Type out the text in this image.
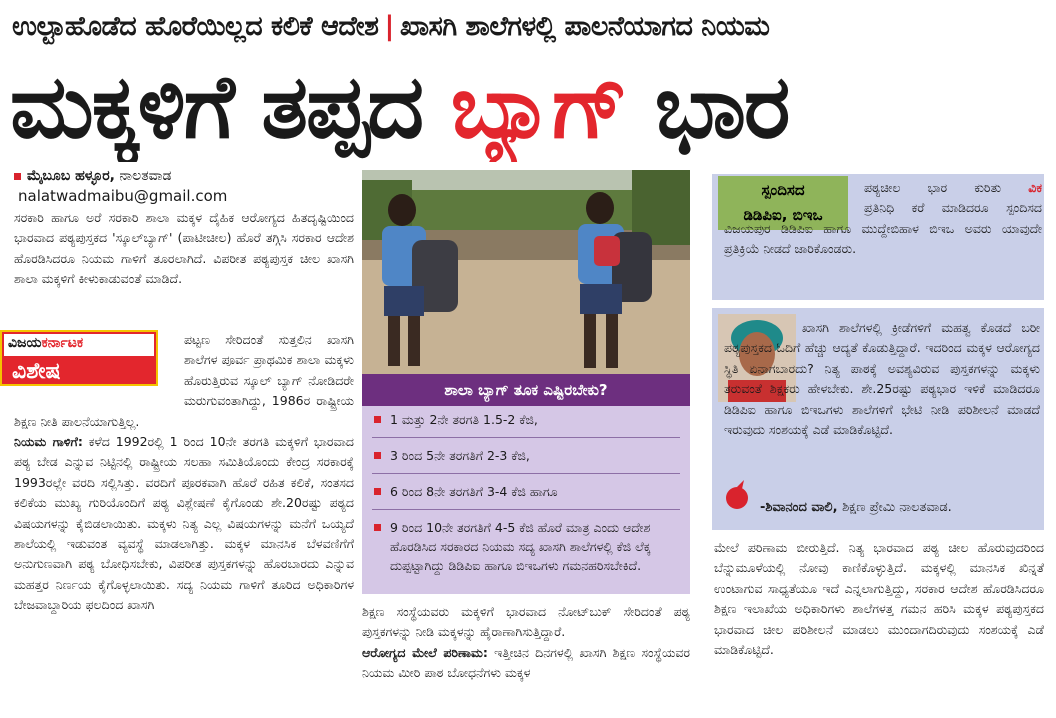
ಉಲ್ಟಾಹೊಡೆದ ಹೊರೆಯಿಲ್ಲದ ಕಲಿಕೆ ಆದೇಶ | ಖಾಸಗಿ ಶಾಲೆಗಳಲ್ಲಿ ಪಾಲನೆಯಾಗದ ನಿಯಮ
ಮಕ್ಕಳಿಗೆ ತಪ್ಪದ ಬ್ಯಾಗ್ ಭಾರ
ಮೈಬೂಬ ಹಳ್ಳೂರ, ನಾಲತವಾಡ
nalatwadmaibu@gmail.com
ಸರಕಾರಿ ಹಾಗೂ ಅರೆ ಸರಕಾರಿ ಶಾಲಾ ಮಕ್ಕಳ ದೈಹಿಕ ಆರೋಗ್ಯದ ಹಿತದೃಷ್ಟಿಯಿಂದ ಭಾರವಾದ ಪಠ್ಯಪುಸ್ತಕದ 'ಸ್ಕೂಲ್‌ಬ್ಯಾಗ್' (ಪಾಟೀಚೀಲ) ಹೊರೆ ತಗ್ಗಿಸಿ ಸರಕಾರ ಆದೇಶ ಹೊರಡಿಸಿದರೂ ನಿಯಮ ಗಾಳಿಗೆ ತೂರಲಾಗಿದೆ. ವಿಪರೀತ ಪಠ್ಯಪುಸ್ತಕ ಚೀಲ ಖಾಸಗಿ ಶಾಲಾ ಮಕ್ಕಳಿಗೆ ಕೀಳುಕಾಡುವಂತೆ ಮಾಡಿದೆ.
ವಿಜಯಕರ್ನಾಟಕ
ವಿಶೇಷ
ಪಟ್ಟಣ ಸೇರಿದಂತೆ ಸುತ್ತಲಿನ ಖಾಸಗಿ ಶಾಲೆಗಳ ಪೂರ್ವ ಪ್ರಾಥಮಿಕ ಶಾಲಾ ಮಕ್ಕಳು ಹೊರುತ್ತಿರುವ ಸ್ಕೂಲ್ ಬ್ಯಾಗ್ ನೋಡಿದರೇ ಮರುಗುವಂತಾಗಿದ್ದು, 1986ರ ರಾಷ್ಟ್ರೀಯ ಶಿಕ್ಷಣ ನೀತಿ ಪಾಲನೆಯಾಗುತ್ತಿಲ್ಲ.
ನಿಯಮ ಗಾಳಿಗೆ: ಕಳೆದ 1992ರಲ್ಲಿ 1 ರಿಂದ 10ನೇ ತರಗತಿ ಮಕ್ಕಳಿಗೆ ಭಾರವಾದ ಪಠ್ಯ ಬೇಡ ಎನ್ನುವ ನಿಟ್ಟಿನಲ್ಲಿ ರಾಷ್ಟ್ರೀಯ ಸಲಹಾ ಸಮಿತಿಯೊಂದು ಕೇಂದ್ರ ಸರಕಾರಕ್ಕೆ 1993ರಲ್ಲೇ ವರದಿ ಸಲ್ಲಿಸಿತ್ತು. ವರದಿಗೆ ಪೂರಕವಾಗಿ ಹೊರೆ ರಹಿತ ಕಲಿಕೆ, ಸಂತಸದ ಕಲಿಕೆಯ ಮುಖ್ಯ ಗುರಿಯೊಂದಿಗೆ ಪಠ್ಯ ವಿಶ್ಲೇಷಣೆ ಕೈಗೊಂಡು ಶೇ.20ರಷ್ಟು ಪಠ್ಯದ ವಿಷಯಗಳನ್ನು ಕೈಬಿಡಲಾಯಿತು. ಮಕ್ಕಳು ನಿತ್ಯ ಎಲ್ಲ ವಿಷಯಗಳನ್ನು ಮನೆಗೆ ಒಯ್ಯದೆ ಶಾಲೆಯಲ್ಲಿ ಇಡುವಂತ ವ್ಯವಸ್ಥೆ ಮಾಡಲಾಗಿತ್ತು. ಮಕ್ಕಳ ಮಾನಸಿಕ ಬೆಳವಣಿಗೆಗೆ ಅನುಗುಣವಾಗಿ ಪಠ್ಯ ಬೋಧಿಸಬೇಕು, ವಿಪರೀತ ಪುಸ್ತಕಗಳನ್ನು ಹೊರಬಾರದು ಎನ್ನುವ ಮಹತ್ತರ ನಿರ್ಣಯ ಕೈಗೊಳ್ಳಲಾಯಿತು. ಸದ್ಯ ನಿಯಮ ಗಾಳಿಗೆ ತೂರಿದ ಅಧಿಕಾರಿಗಳ ಬೇಜವಾಬ್ದಾರಿಯ ಫಲದಿಂದ ಖಾಸಗಿ
ಶಾಲಾ ಬ್ಯಾಗ್ ತೂಕ ಎಷ್ಟಿರಬೇಕು?
1 ಮತ್ತು 2ನೇ ತರಗತಿ 1.5-2 ಕೆಜಿ,
3 ರಿಂದ 5ನೇ ತರಗತಿಗೆ 2-3 ಕೆಜಿ,
6 ರಿಂದ 8ನೇ ತರಗತಿಗೆ 3-4 ಕೆಜಿ ಹಾಗೂ
9 ರಿಂದ 10ನೇ ತರಗತಿಗೆ 4-5 ಕೆಜಿ ಹೊರೆ ಮಾತ್ರ ಎಂದು ಆದೇಶ ಹೊರಡಿಸಿದ ಸರಕಾರದ ನಿಯಮ ಸದ್ಯ ಖಾಸಗಿ ಶಾಲೆಗಳಲ್ಲಿ ಕೆಜಿ ಲೆಕ್ಕ ದುಪ್ಪಟ್ಟಾಗಿದ್ದು ಡಿಡಿಪಿಐ ಹಾಗೂ ಬಿಇಒಗಳು ಗಮನಹರಿಸಬೇಕಿದೆ.
ಶಿಕ್ಷಣ ಸಂಸ್ಥೆಯವರು ಮಕ್ಕಳಿಗೆ ಭಾರವಾದ ನೋಟ್‌ಬುಕ್ ಸೇರಿದಂತೆ ಪಠ್ಯ ಪುಸ್ತಕಗಳನ್ನು ನೀಡಿ ಮಕ್ಕಳನ್ನು ಹೈರಾಣಾಗಿಸುತ್ತಿದ್ದಾರೆ.
ಆರೋಗ್ಯದ ಮೇಲೆ ಪರಿಣಾಮ: ಇತ್ತೀಚಿನ ದಿನಗಳಲ್ಲಿ ಖಾಸಗಿ ಶಿಕ್ಷಣ ಸಂಸ್ಥೆಯವರ ನಿಯಮ ಮೀರಿ ಪಾಠ ಬೋಧನೆಗಳು ಮಕ್ಕಳ
ಸ್ಪಂದಿಸದ
ಡಿಡಿಪಿಐ, ಬಿಇಒ
ಪಠ್ಯಚೀಲ ಭಾರ ಕುರಿತು ವಿಕ ಪ್ರತಿನಿಧಿ ಕರೆ ಮಾಡಿದರೂ ಸ್ಪಂದಿಸದ ವಿಜಯಪುರ ಡಿಡಿಪಿಐ ಹಾಗೂ ಮುದ್ದೇಬಿಹಾಳ ಬಿಇಒ ಅವರು ಯಾವುದೇ ಪ್ರತಿಕ್ರಿಯೆ ನೀಡದೆ ಜಾರಿಕೊಂಡರು.
ಖಾಸಗಿ ಶಾಲೆಗಳಲ್ಲಿ ಕ್ರೀಡೆಗಳಿಗೆ ಮಹತ್ವ ಕೊಡದೆ ಬರೀ ಪಠ್ಯಪುಸ್ತಕದ ಓದಿಗೆ ಹೆಚ್ಚು ಆದ್ಯತೆ ಕೊಡುತ್ತಿದ್ದಾರೆ. ಇದರಿಂದ ಮಕ್ಕಳ ಆರೋಗ್ಯದ ಸ್ಥಿತಿ ಏನಾಗಬಾರದು? ನಿತ್ಯ ಪಾಠಕ್ಕೆ ಅವಶ್ಯವಿರುವ ಪುಸ್ತಕಗಳನ್ನು ಮಕ್ಕಳು ತರುವಂತೆ ಶಿಕ್ಷಕರು ಹೇಳಬೇಕು. ಶೇ.25ರಷ್ಟು ಪಠ್ಯಭಾರ ಇಳಿಕೆ ಮಾಡಿದರೂ ಡಿಡಿಪಿಐ ಹಾಗೂ ಬಿಇಒಗಳು ಶಾಲೆಗಳಿಗೆ ಭೇಟಿ ನೀಡಿ ಪರಿಶೀಲನೆ ಮಾಡದೆ ಇರುವುದು ಸಂಶಯಕ್ಕೆ ಎಡೆ ಮಾಡಿಕೊಟ್ಟಿದೆ.
-ಶಿವಾನಂದ ವಾಲಿ, ಶಿಕ್ಷಣ ಪ್ರೇಮಿ ನಾಲತವಾಡ.
ಮೇಲೆ ಪರಿಣಾಮ ಬೀರುತ್ತಿದೆ. ನಿತ್ಯ ಭಾರವಾದ ಪಠ್ಯ ಚೀಲ ಹೊರುವುದರಿಂದ ಬೆನ್ನುಮೂಳೆಯಲ್ಲಿ ನೋವು ಕಾಣಿಕೊಳ್ಳುತ್ತಿದೆ. ಮಕ್ಕಳಲ್ಲಿ ಮಾನಸಿಕ ಖಿನ್ನತೆ ಉಂಟಾಗುವ ಸಾಧ್ಯತೆಯೂ ಇದೆ ಎನ್ನಲಾಗುತ್ತಿದ್ದು, ಸರಕಾರ ಆದೇಶ ಹೊರಡಿಸಿದರೂ ಶಿಕ್ಷಣ ಇಲಾಖೆಯ ಅಧಿಕಾರಿಗಳು ಶಾಲೆಗಳತ್ತ ಗಮನ ಹರಿಸಿ ಮಕ್ಕಳ ಪಠ್ಯಪುಸ್ತಕದ ಭಾರವಾದ ಚೀಲ ಪರಿಶೀಲನೆ ಮಾಡಲು ಮುಂದಾಗದಿರುವುದು ಸಂಶಯಕ್ಕೆ ಎಡೆ ಮಾಡಿಕೊಟ್ಟಿದೆ.
